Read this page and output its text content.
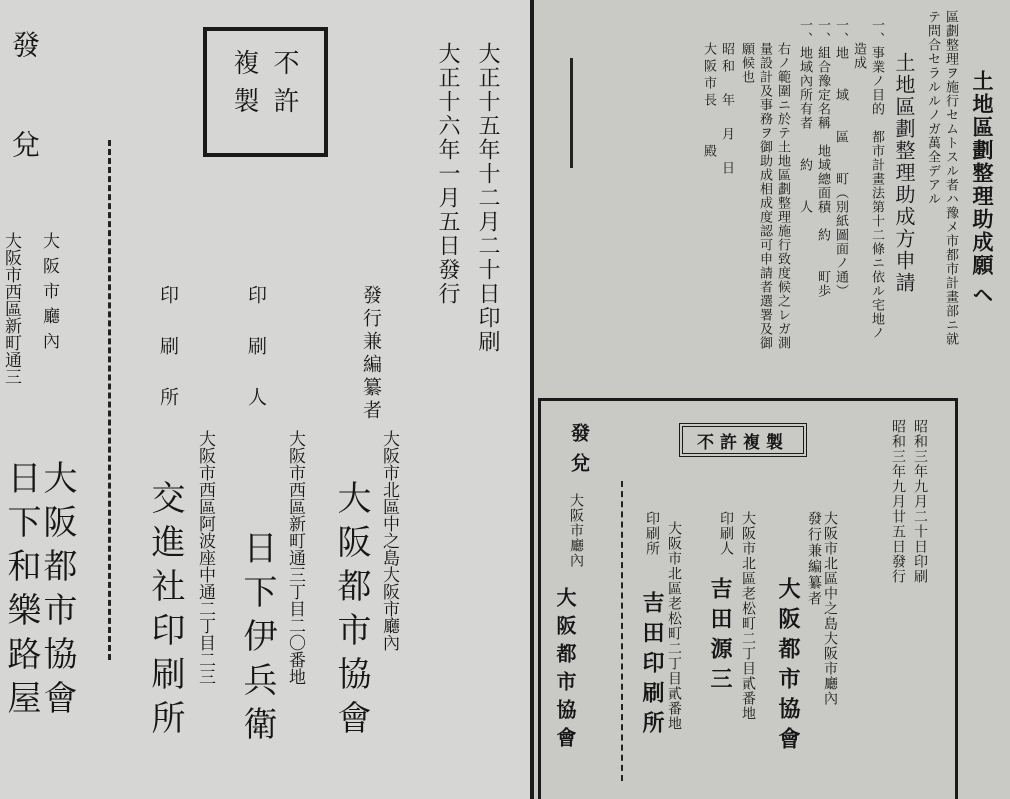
發
兌
大阪市西區新町通三 大阪市廳內
日下和樂路屋
大阪都市協會
不許
複製	大正十五年十二月二十日印刷
大正十六年一月五日發行
印刷所	印刷人	發行兼編纂者
大阪市西區阿波座中通二丁目二三	大阪市西區新町通三丁目二〇番地	大阪市北區中之島大阪市廳內
交進社印刷所 日下伊兵衛 大阪都市協會
土地區劃整理助成願
ヘ
區劃整理ヲ施行セムトスル者ハ豫メ市都市計畫部ニ就
テ問合セラルルノガ萬全デアル
土地區劃整理助成方申請
一、事業ノ目的　都市計畫法第十二條ニ依ル宅地ノ
造成
一、地　　域　　區　　町（別紙圖面ノ通）
一、組合豫定名稱　地域總面積　約　　町歩
一、地域內所有者　　約　　人
右ノ範圍ニ於テ土地區劃整理施行致度候之レガ測
量設計及事務ヲ御助成相成度認可申請者選署及御
願候也
昭和　年　月　日
大阪市長　　殿
不許複製	昭和三年九月二十日印刷
昭和三年九月廿五日發行
發行兼編纂者 大阪市北區中之島大阪市廳內
大阪都市協會
印刷人 大阪市北區老松町二丁目貳番地
吉田源三
印刷所 大阪市北區老松町二丁目貳番地
吉田印刷所
發
兌
大阪市廳內
大阪都市協會
